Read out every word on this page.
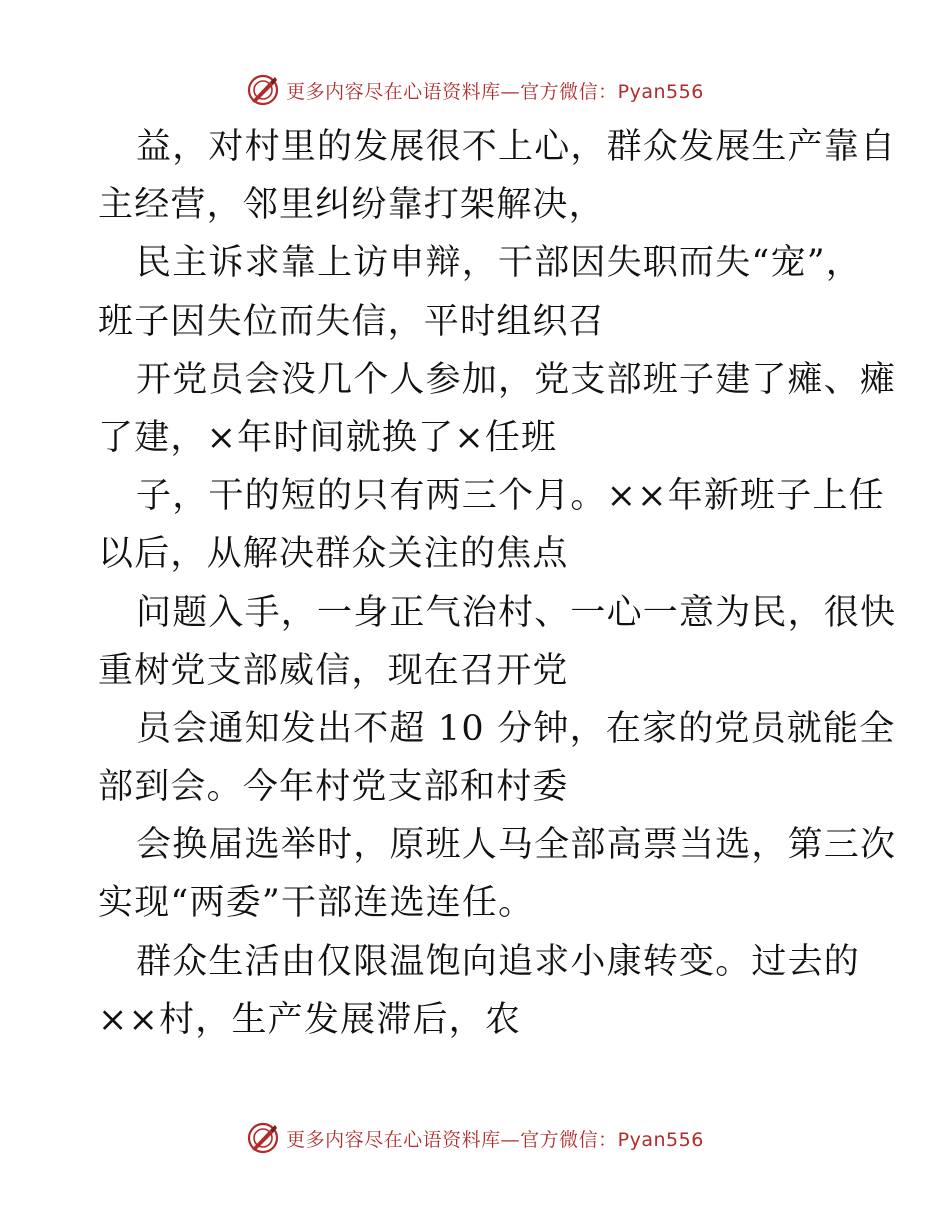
更多内容尽在心语资料库—官方微信：Pyan556
益，对村里的发展很不上心，群众发展生产靠自
主经营，邻里纠纷靠打架解决，
民主诉求靠上访申辩，干部因失职而失“宠”，
班子因失位而失信，平时组织召
开党员会没几个人参加，党支部班子建了瘫、瘫
了建，×年时间就换了×任班
子，干的短的只有两三个月。××年新班子上任
以后，从解决群众关注的焦点
问题入手，一身正气治村、一心一意为民，很快
重树党支部威信，现在召开党
员会通知发出不超 10 分钟，在家的党员就能全
部到会。今年村党支部和村委
会换届选举时，原班人马全部高票当选，第三次
实现“两委”干部连选连任。
群众生活由仅限温饱向追求小康转变。过去的
××村，生产发展滞后，农
更多内容尽在心语资料库—官方微信：Pyan556
